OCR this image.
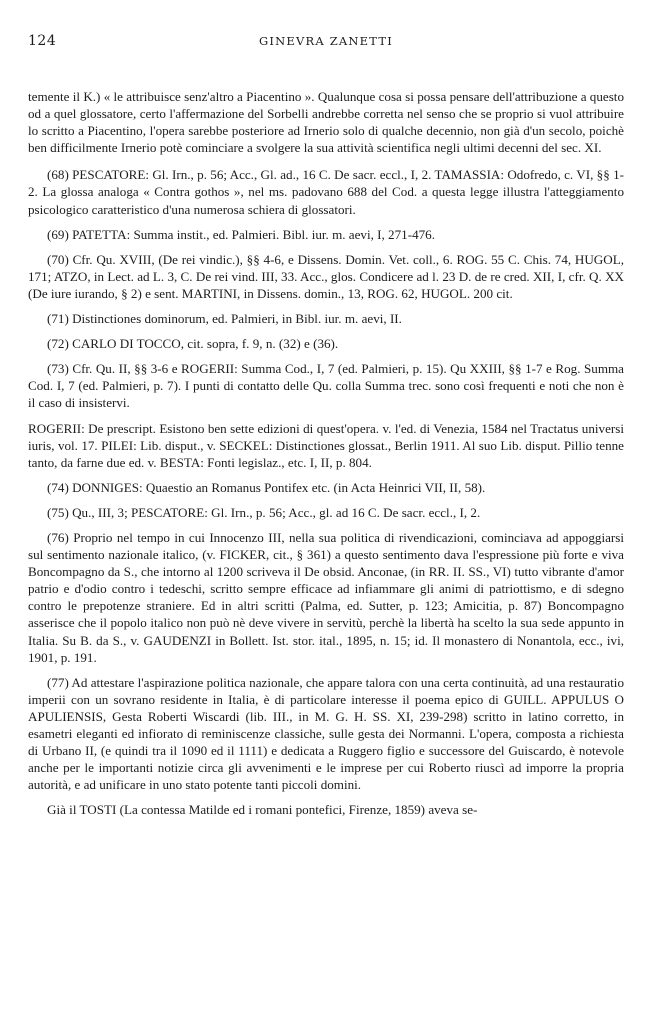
124	GINEVRA ZANETTI

temente il K.) « le attribuisce senz'altro a Piacentino ». Qualunque cosa si possa pensare dell'attribuzione a questo od a quel glossatore, certo l'affermazione del Sorbelli andrebbe corretta nel senso che se proprio si vuol attribuire lo scritto a Piacentino, l'opera sarebbe posteriore ad Irnerio solo di qualche decennio, non già d'un secolo, poichè ben difficilmente Irnerio potè cominciare a svolgere la sua attività scientifica negli ultimi decenni del sec. XI.

(68) PESCATORE: Gl. Irn., p. 56; Acc., Gl. ad., 16 C. De sacr. eccl., I, 2. TAMASSIA: Odofredo, c. VI, §§ 1-2. La glossa analoga « Contra gothos », nel ms. padovano 688 del Cod. a questa legge illustra l'atteggiamento psicologico caratteristico d'una numerosa schiera di glossatori.

(69) PATETTA: Summa instit., ed. Palmieri. Bibl. iur. m. aevi, I, 271-476.

(70) Cfr. Qu. XVIII, (De rei vindic.), §§ 4-6, e Dissens. Domin. Vet. coll., 6. ROG. 55 C. Chis. 74, HUGOL, 171; ATZO, in Lect. ad L. 3, C. De rei vind. III, 33. Acc., glos. Condicere ad l. 23 D. de re cred. XII, I, cfr. Q. XX (De iure iurando, § 2) e sent. MARTINI, in Dissens. domin., 13, ROG. 62, HUGOL. 200 cit.

(71) Distinctiones dominorum, ed. Palmieri, in Bibl. iur. m. aevi, II.

(72) CARLO DI TOCCO, cit. sopra, f. 9, n. (32) e (36).

(73) Cfr. Qu. II, §§ 3-6 e ROGERII: Summa Cod., I, 7 (ed. Palmieri, p. 15). Qu XXIII, §§ 1-7 e Rog. Summa Cod. I, 7 (ed. Palmieri, p. 7). I punti di contatto delle Qu. colla Summa trec. sono così frequenti e noti che non è il caso di insistervi.

ROGERII: De prescript. Esistono ben sette edizioni di quest'opera. v. l'ed. di Venezia, 1584 nel Tractatus universi iuris, vol. 17. PILEI: Lib. disput., v. SECKEL: Distinctiones glossat., Berlin 1911. Al suo Lib. disput. Pillio tenne tanto, da farne due ed. v. BESTA: Fonti legislaz., etc. I, II, p. 804.

(74) DONNIGES: Quaestio an Romanus Pontifex etc. (in Acta Heinrici VII, II, 58).

(75) Qu., III, 3; PESCATORE: Gl. Irn., p. 56; Acc., gl. ad 16 C. De sacr. eccl., I, 2.

(76) Proprio nel tempo in cui Innocenzo III, nella sua politica di rivendicazioni, cominciava ad appoggiarsi sul sentimento nazionale italico, (v. FICKER, cit., § 361) a questo sentimento dava l'espressione più forte e viva Boncompagno da S., che intorno al 1200 scriveva il De obsid. Anconae, (in RR. II. SS., VI) tutto vibrante d'amor patrio e d'odio contro i tedeschi, scritto sempre efficace ad infiammare gli animi di patriottismo, e di sdegno contro le prepotenze straniere. Ed in altri scritti (Palma, ed. Sutter, p. 123; Amicitia, p. 87) Boncompagno asserisce che il popolo italico non può nè deve vivere in servitù, perchè la libertà ha scelto la sua sede appunto in Italia. Su B. da S., v. GAUDENZI in Bollett. Ist. stor. ital., 1895, n. 15; id. Il monastero di Nonantola, ecc., ivi, 1901, p. 191.

(77) Ad attestare l'aspirazione politica nazionale, che appare talora con una certa continuità, ad una restauratio imperii con un sovrano residente in Italia, è di particolare interesse il poema epico di GUILL. APPULUS O APULIENSIS, Gesta Roberti Wiscardi (lib. III., in M. G. H. SS. XI, 239-298) scritto in latino corretto, in esametri eleganti ed infiorato di reminiscenze classiche, sulle gesta dei Normanni. L'opera, composta a richiesta di Urbano II, (e quindi tra il 1090 ed il 1111) e dedicata a Ruggero figlio e successore del Guiscardo, è notevole anche per le importanti notizie circa gli avvenimenti e le imprese per cui Roberto riuscì ad imporre la propria autorità, e ad unificare in uno stato potente tanti piccoli domini.

Già il TOSTI (La contessa Matilde ed i romani pontefici, Firenze, 1859) aveva se-
